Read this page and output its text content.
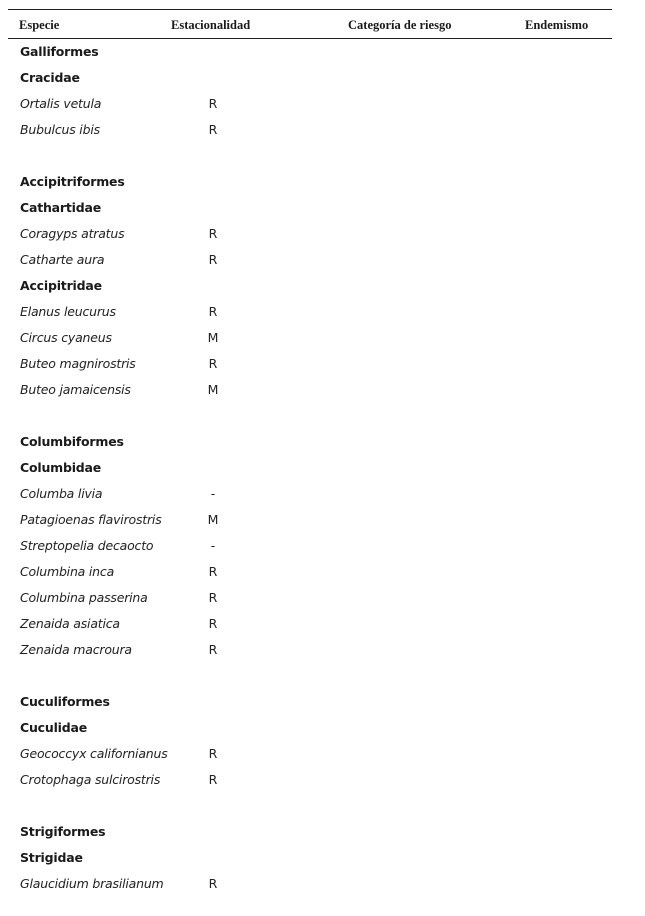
Especie	Estacionalidad	Categoría de riesgo	Endemismo
Galliformes
Cracidae
Ortalis vetula	R
Bubulcus ibis	R
Accipitriformes
Cathartidae
Coragyps atratus	R
Catharte aura	R
Accipitridae
Elanus leucurus	R
Circus cyaneus	M
Buteo magnirostris	R
Buteo jamaicensis	M
Columbiformes
Columbidae
Columba livia	-
Patagioenas flavirostris	M
Streptopelia decaocto	-
Columbina inca	R
Columbina passerina	R
Zenaida asiatica	R
Zenaida macroura	R
Cuculiformes
Cuculidae
Geococcyx californianus	R
Crotophaga sulcirostris	R
Strigiformes
Strigidae
Glaucidium brasilianum	R
